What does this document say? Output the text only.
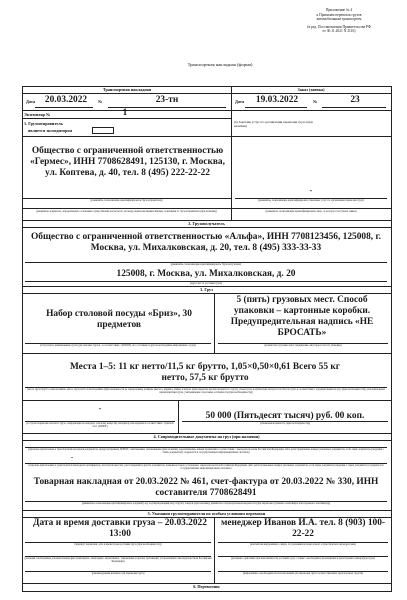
Приложение № 4
к Правилам перевозок грузов
автомобильным транспортом
(в ред. Постановления Правительства РФ
от 30.11.2021 N 2116)
Транспортная накладная (форма)
Транспортная накладная	Заказ (заявка)
Дата	20.03.2022	№	23-тн	Дата	19.03.2022	№	23
Экземпляр №	1
1. Грузоотправитель
является экспедитором
(в) Заказчик услуг по организации перевозки груза (при наличии)
Общество с ограниченной ответственностью «Гермес», ИНН 7708628491, 125130, г. Москва, ул. Коптева, д. 40, тел. 8 (495) 222-22-22
(реквизиты, позволяющие идентифицировать Грузоотправителя)
-
(реквизиты, позволяющие идентифицировать Заказчика услуг по организации перевозки груза)
(реквизиты документа, определяющего основания осуществления расчетов по договору перевозки иными лицами, отличными от грузоотправителя (при наличии))	(реквизиты, позволяющие идентифицировать лицо, от которого поступила заявка)
2. Грузополучатель
Общество с ограниченной ответственностью «Альфа», ИНН 7708123456, 125008, г. Москва, ул. Михалковская, д. 20, тел. 8 (495) 333-33-33
(реквизиты, позволяющие идентифицировать Грузополучателя)
125008, г. Москва, ул. Михалковская, д. 20
(адрес места доставки груза)
3. Груз
Набор столовой посуды «Бриз», 30 предметов
(отгрузочное наименование груза (для опасных грузов - в соответствии с ДОПОГ), его состояние и другая необходимая информация о грузе)
5 (пять) грузовых мест. Способ упаковки – картонные коробки. Предупредительная надпись «НЕ БРОСАТЬ»
(количество грузовых мест, маркировка, вид тары и способ упаковки)
Места 1–5: 11 кг нетто/11,5 кг брутто, 1,05×0,50×0,61 Всего 55 кг нетто, 57,5 кг брутто
(масса груза брутто в килограммах, масса груза нетто в килограммах (при возможности ее определения), размеры (высота, ширина, длина) в метрах (при перевозке крупногабаритного груза), объем груза в кубических метрах и плотность груза в соответствии с документацией на груз (при необходимости), дополнительные характеристики груза, учитывающие отраслевые особенности (при необходимости))
-
(в случае перевозки опасного груза - информация по каждому опасному веществу, материалу или изделию в соответствии с пунктом 5.4.1 ДОПОГ)
50 000 (Пятьдесят тысяч) руб. 00 коп.
(объявленная ценность (при необходимости))
4. Сопроводительные документы на груз (при наличии)
(перечень прилагаемых к транспортной накладной документов, предусмотренных ДОПОГ, санитарными, таможенными (при наличии), карантинными, иными правилами в соответствии с законодательством Российской Федерации, либо регистрационные номера указанных документов, если такие документы (сведения о таких документах) содержатся в государственных информационных системах)
-
(перечень прилагаемых к транспортной накладной сертификатов, паспортов качества, удостоверений и других документов, наличие которых установлено законодательством Российской Федерации, либо регистрационные номера указанных документов, если такие документы (сведения о таких документах) содержатся в государственных информационных системах)
Товарная накладная от 20.03.2022 № 461, счет-фактура от 20.03.2022 № 330, ИНН составителя 7708628491
(реквизиты, позволяющие идентифицировать документ(-ы), подтверждающий(-ие) отгрузку товаров (при наличии), реквизиты сопроводительной ведомости (при перевозке груженого контейнера или порожнего контейнера))
5. Указания грузоотправителя по особым условиям перевозки
Дата и время доставки груза – 20.03.2022 13:00
(маршрут перевозки, дата и время/сроки доставки груза (при необходимости))
менеджер Иванов И.А. тел. 8 (903) 100-22-22
(контактная информация о лицах, по указаниям которых может осуществляться переадресовка)
(указания, необходимые для выполнения фитосанитарных, санитарных, карантинных, таможенных и прочих требований, установленных законодательством Российской Федерации)
(указания о действиях при невозможности доставить груз, а также о необходимости измерения и регистрации температуры груза)
(рекомендуемый интервал для перевозки груза)	(информация о необходимости использования для перевозки груза соответствующих транспортных средств)
6. Перевозчик
